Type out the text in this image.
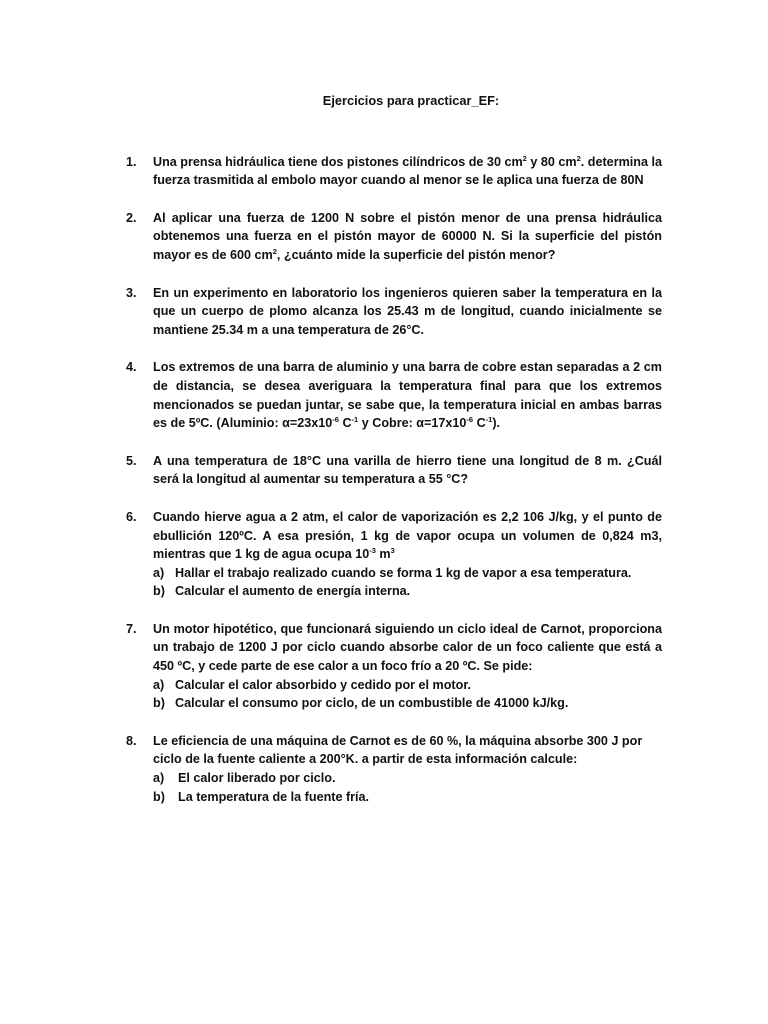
Ejercicios para practicar_EF:
1.	Una prensa hidráulica tiene dos pistones cilíndricos de 30 $cm^2$ y 80 $cm^2$. determina la fuerza trasmitida al embolo mayor cuando al menor se le aplica una fuerza de 80N
2.	Al aplicar una fuerza de 1200 N sobre el pistón menor de una prensa hidráulica obtenemos una fuerza en el pistón mayor de 60000 N. Si la superficie del pistón mayor es de 600 $cm^2$, ¿cuánto mide la superficie del pistón menor?
3.	En un experimento en laboratorio los ingenieros quieren saber la temperatura en la que un cuerpo de plomo alcanza los 25.43 m de longitud, cuando inicialmente se mantiene 25.34 m a una temperatura de 26°C.
4.	Los extremos de una barra de aluminio y una barra de cobre estan separadas a 2 cm de distancia, se desea averiguara la temperatura final para que los extremos mencionados se puedan juntar, se sabe que, la temperatura inicial en ambas barras es de 5ºC. (Aluminio: $\alpha=23x10^{-6}$ $C^{-1}$ y Cobre: $\alpha=17x10^{-6}$ $C^{-1}$).
5.	A una temperatura de 18°C una varilla de hierro tiene una longitud de 8 m. ¿Cuál será la longitud al aumentar su temperatura a 55 °C?
6.	Cuando hierve agua a 2 atm, el calor de vaporización es 2,2 106 J/kg, y el punto de ebullición 120ºC. A esa presión, 1 kg de vapor ocupa un volumen de 0,824 m3, mientras que 1 kg de agua ocupa $10^{-3}$ $m^3$
a) Hallar el trabajo realizado cuando se forma 1 kg de vapor a esa temperatura.
b) Calcular el aumento de energía interna.
7.	Un motor hipotético, que funcionará siguiendo un ciclo ideal de Carnot, proporciona un trabajo de 1200 J por ciclo cuando absorbe calor de un foco caliente que está a 450 ºC, y cede parte de ese calor a un foco frío a 20 ºC. Se pide:
a) Calcular el calor absorbido y cedido por el motor.
b) Calcular el consumo por ciclo, de un combustible de 41000 kJ/kg.
8.	Le eficiencia de una máquina de Carnot es de 60 %, la máquina absorbe 300 J por ciclo de la fuente caliente a 200°K. a partir de esta información calcule:
a) El calor liberado por ciclo.
b) La temperatura de la fuente fría.
